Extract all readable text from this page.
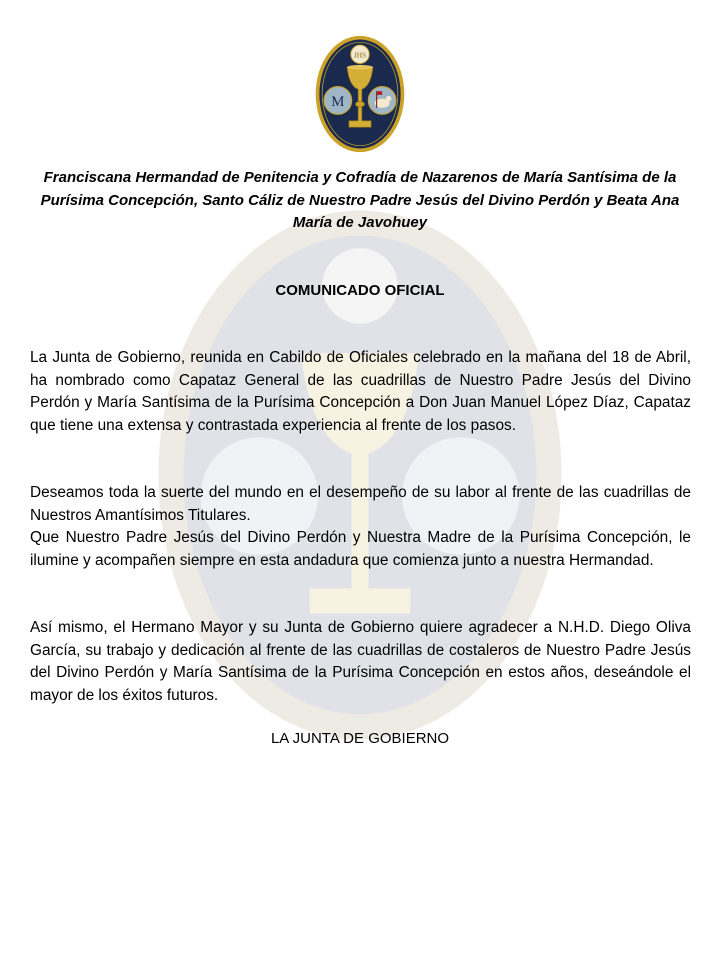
JHS
M
Franciscana Hermandad de Penitencia y Cofradía de Nazarenos de María Santísima de la Purísima Concepción, Santo Cáliz de Nuestro Padre Jesús del Divino Perdón y Beata Ana María de Javohuey
COMUNICADO OFICIAL

La Junta de Gobierno, reunida en Cabildo de Oficiales celebrado en la mañana del 18 de Abril, ha nombrado como Capataz General de las cuadrillas de Nuestro Padre Jesús del Divino Perdón y María Santísima de la Purísima Concepción a Don Juan Manuel López Díaz, Capataz que tiene una extensa y contrastada experiencia al frente de los pasos.

Deseamos toda la suerte del mundo en el desempeño de su labor al frente de las cuadrillas de Nuestros Amantísimos Titulares.

Que Nuestro Padre Jesús del Divino Perdón y Nuestra Madre de la Purísima Concepción, le ilumine y acompañen siempre en esta andadura que comienza junto a nuestra Hermandad.

Así mismo, el Hermano Mayor y su Junta de Gobierno quiere agradecer a N.H.D. Diego Oliva García, su trabajo y dedicación al frente de las cuadrillas de costaleros de Nuestro Padre Jesús del Divino Perdón y María Santísima de la Purísima Concepción en estos años, deseándole el mayor de los éxitos futuros.

LA JUNTA DE GOBIERNO
